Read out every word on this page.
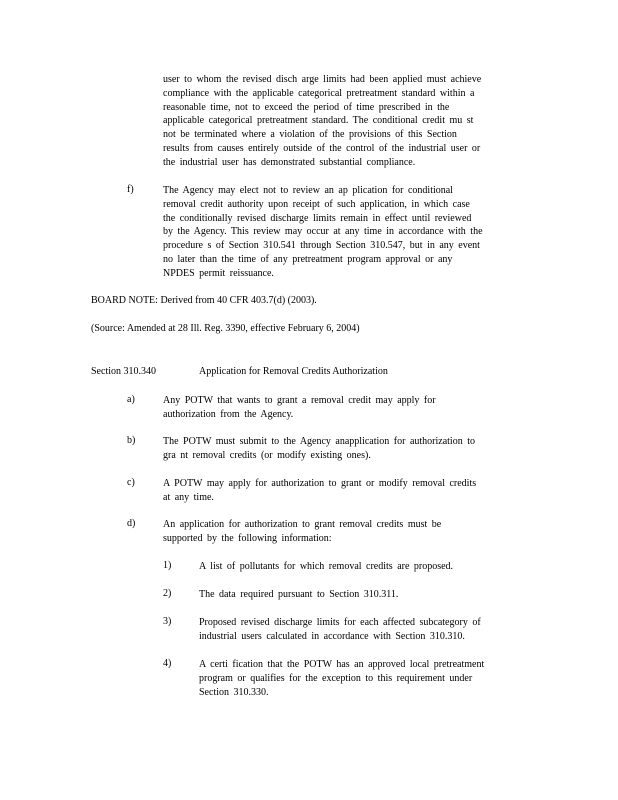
user to whom the revised disch arge limits had been applied must achieve
compliance with the applicable categorical pretreatment standard within a
reasonable time, not to exceed the period of time prescribed in the
applicable categorical pretreatment standard. The conditional credit mu st
not be terminated where a violation of the provisions of this Section
results from causes entirely outside of the control of the industrial user or
the industrial user has demonstrated substantial compliance.
f)	The Agency may elect not to review an ap plication for conditional
removal credit authority upon receipt of such application, in which case
the conditionally revised discharge limits remain in effect until reviewed
by the Agency. This review may occur at any time in accordance with the
procedure s of Section 310.541 through Section 310.547, but in any event
no later than the time of any pretreatment program approval or any
NPDES permit reissuance.
BOARD NOTE: Derived from 40 CFR 403.7(d) (2003).
(Source: Amended at 28 Ill. Reg. 3390, effective February 6, 2004)
Section 310.340	Application for Removal Credits Authorization
a)	Any POTW that wants to grant a removal credit may apply for
authorization from the Agency.
b)	The POTW must submit to the Agency anapplication for authorization to
gra nt removal credits (or modify existing ones).
c)	A POTW may apply for authorization to grant or modify removal credits
at any time.
d)	An application for authorization to grant removal credits must be
supported by the following information:
1)	A list of pollutants for which removal credits are proposed.
2)	The data required pursuant to Section 310.311.
3)	Proposed revised discharge limits for each affected subcategory of
industrial users calculated in accordance with Section 310.310.
4)	A certi fication that the POTW has an approved local pretreatment
program or qualifies for the exception to this requirement under
Section 310.330.
